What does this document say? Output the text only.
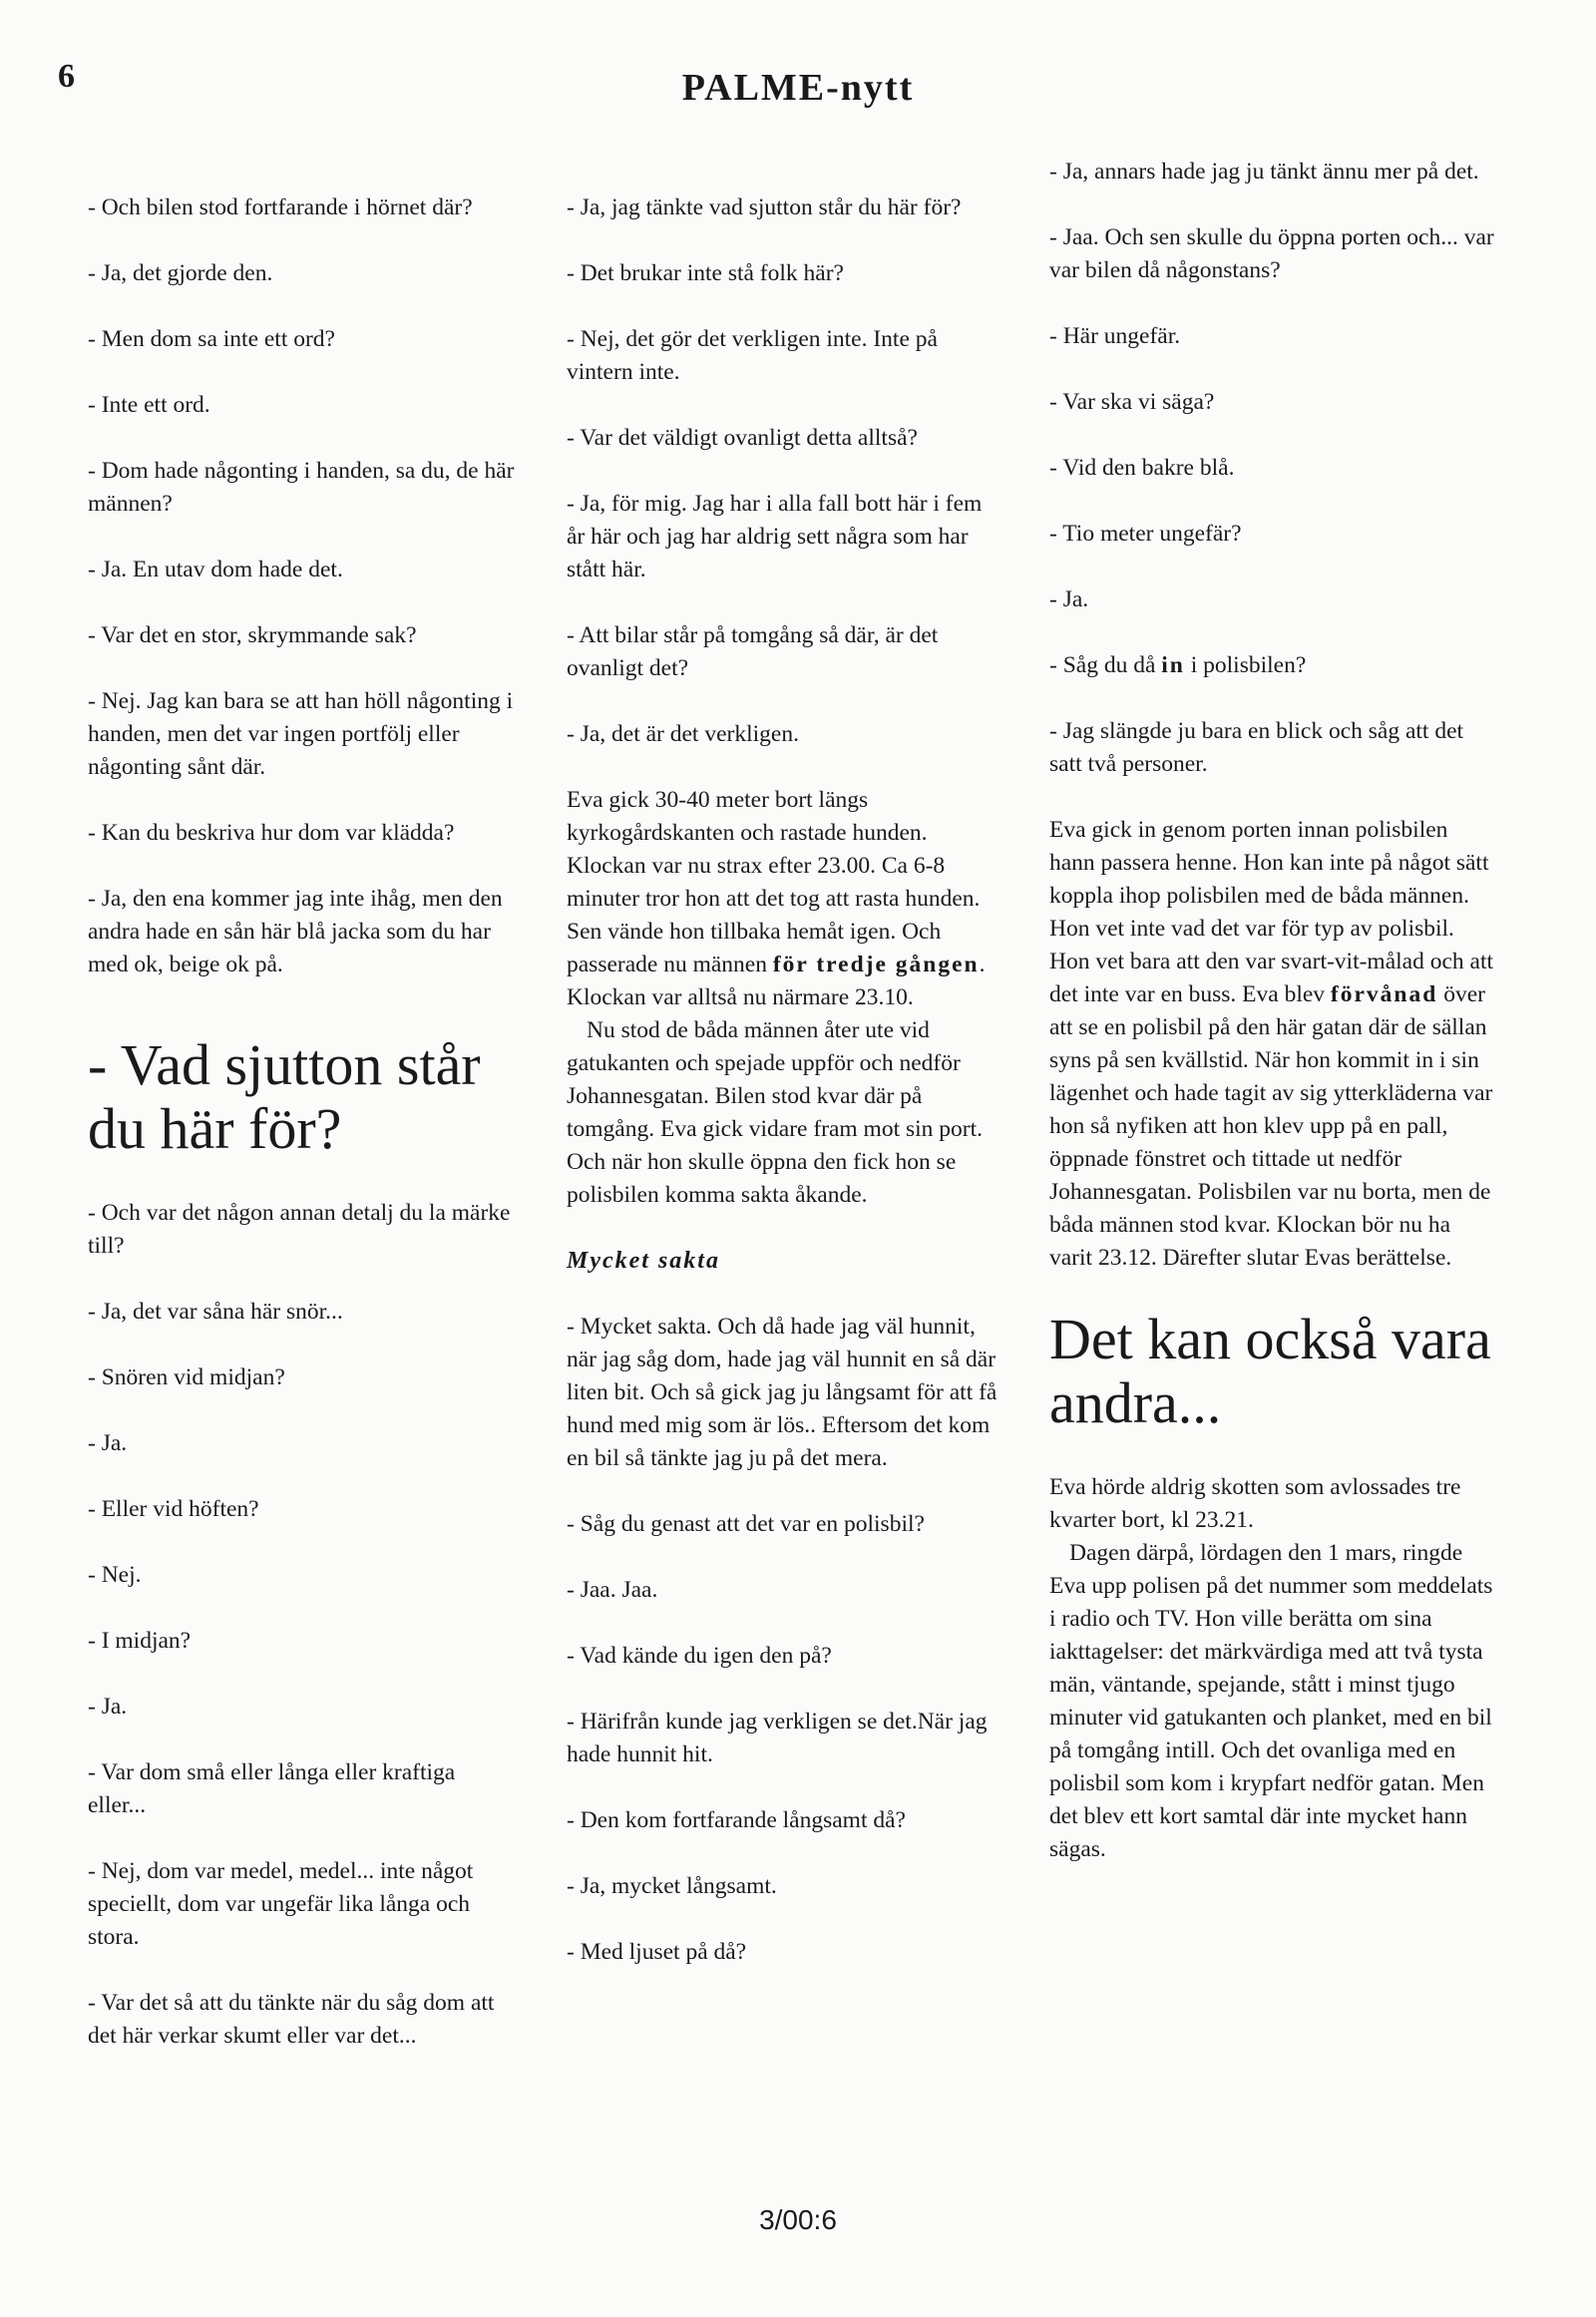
6	PALME-nytt

- Och bilen stod fortfarande i hörnet där?

- Ja, det gjorde den.

- Men dom sa inte ett ord?

- Inte ett ord.

- Dom hade någonting i handen, sa du, de här männen?

- Ja. En utav dom hade det.

- Var det en stor, skrymmande sak?

- Nej. Jag kan bara se att han höll någonting i handen, men det var ingen portfölj eller någonting sånt där.

- Kan du beskriva hur dom var klädda?

- Ja, den ena kommer jag inte ihåg, men den andra hade en sån här blå jacka som du har med ok, beige ok på.

- Vad sjutton står du här för?

- Och var det någon annan detalj du la märke till?

- Ja, det var såna här snör...

- Snören vid midjan?

- Ja.

- Eller vid höften?

- Nej.

- I midjan?

- Ja.

- Var dom små eller långa eller kraftiga eller...

- Nej, dom var medel, medel... inte något speciellt, dom var ungefär lika långa och stora.

- Var det så att du tänkte när du såg dom att det här verkar skumt eller var det...

- Ja, jag tänkte vad sjutton står du här för?

- Det brukar inte stå folk här?

- Nej, det gör det verkligen inte. Inte på vintern inte.

- Var det väldigt ovanligt detta alltså?

- Ja, för mig. Jag har i alla fall bott här i fem år här och jag har aldrig sett några som har stått här.

- Att bilar står på tomgång så där, är det ovanligt det?

- Ja, det är det verkligen.

Eva gick 30-40 meter bort längs kyrkogårdskanten och rastade hunden. Klockan var nu strax efter 23.00. Ca 6-8 minuter tror hon att det tog att rasta hunden. Sen vände hon tillbaka hemåt igen. Och passerade nu männen för tredje gången. Klockan var alltså nu närmare 23.10.

Nu stod de båda männen åter ute vid gatukanten och spejade uppför och nedför Johannesgatan. Bilen stod kvar där på tomgång. Eva gick vidare fram mot sin port. Och när hon skulle öppna den fick hon se polisbilen komma sakta åkande.

Mycket sakta

- Mycket sakta. Och då hade jag väl hunnit, när jag såg dom, hade jag väl hunnit en så där liten bit. Och så gick jag ju långsamt för att få hund med mig som är lös.. Eftersom det kom en bil så tänkte jag ju på det mera.

- Såg du genast att det var en polisbil?

- Jaa. Jaa.

- Vad kände du igen den på?

- Härifrån kunde jag verkligen se det.När jag hade hunnit hit.

- Den kom fortfarande långsamt då?

- Ja, mycket långsamt.

- Med ljuset på då?

- Ja, annars hade jag ju tänkt ännu mer på det.

- Jaa. Och sen skulle du öppna porten och... var var bilen då någonstans?

- Här ungefär.

- Var ska vi säga?

- Vid den bakre blå.

- Tio meter ungefär?

- Ja.

- Såg du då in i polisbilen?

- Jag slängde ju bara en blick och såg att det satt två personer.

Eva gick in genom porten innan polisbilen hann passera henne. Hon kan inte på något sätt koppla ihop polisbilen med de båda männen. Hon vet inte vad det var för typ av polisbil. Hon vet bara att den var svart-vit-målad och att det inte var en buss. Eva blev förvånad över att se en polisbil på den här gatan där de sällan syns på sen kvällstid. När hon kommit in i sin lägenhet och hade tagit av sig ytterkläderna var hon så nyfiken att hon klev upp på en pall, öppnade fönstret och tittade ut nedför Johannesgatan. Polisbilen var nu borta, men de båda männen stod kvar. Klockan bör nu ha varit 23.12. Därefter slutar Evas berättelse.

Det kan också vara andra...

Eva hörde aldrig skotten som avlossades tre kvarter bort, kl 23.21.

Dagen därpå, lördagen den 1 mars, ringde Eva upp polisen på det nummer som meddelats i radio och TV. Hon ville berätta om sina iakttagelser: det märkvärdiga med att två tysta män, väntande, spejande, stått i minst tjugo minuter vid gatukanten och planket, med en bil på tomgång intill. Och det ovanliga med en polisbil som kom i krypfart nedför gatan. Men det blev ett kort samtal där inte mycket hann sägas.

3/00:6
